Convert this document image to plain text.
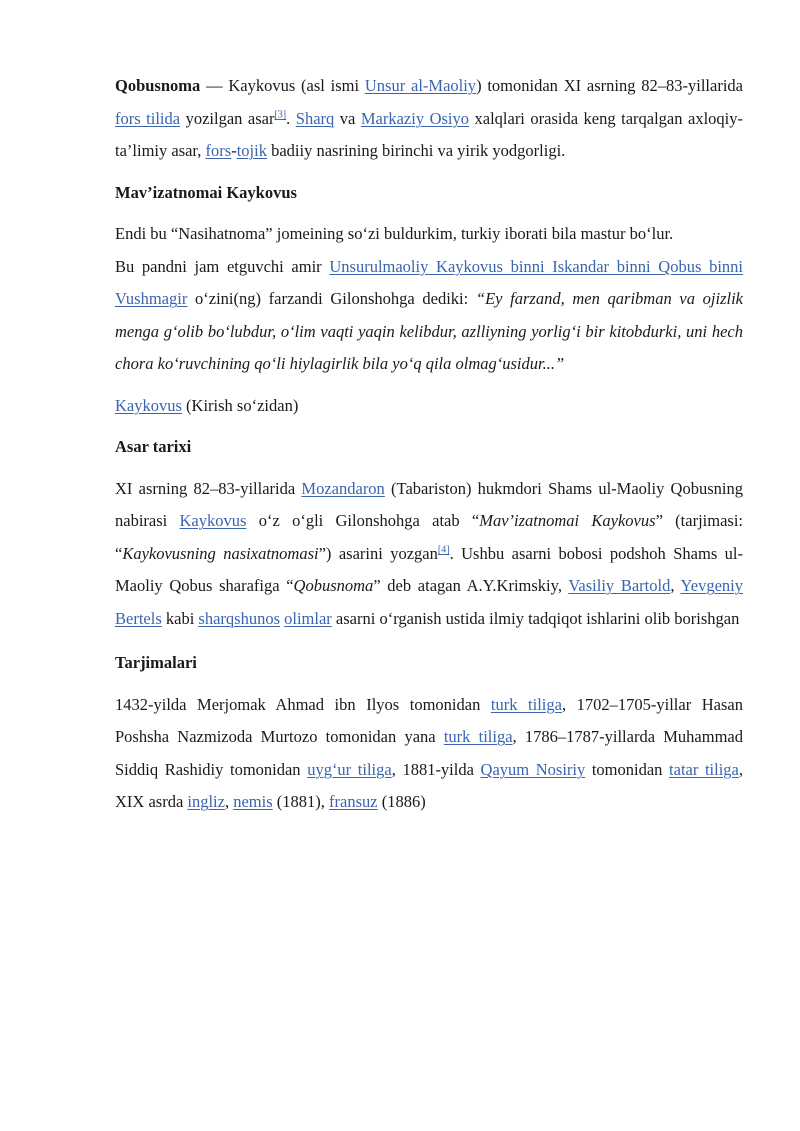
Qobusnoma — Kaykovus (asl ismi Unsur al-Maoliy) tomonidan XI asrning 82–83-yillarida fors tilida yozilgan asar[3]. Sharq va Markaziy Osiyo xalqlari orasida keng tarqalgan axloqiy-ta’limiy asar, fors-tojik badiiy nasrining birinchi va yirik yodgorligi.

Mav’izatnomai Kaykovus

Endi bu “Nasihatnoma” jomeining so‘zi buldurkim, turkiy iborati bila mastur bo‘lur.

Bu pandni jam etguvchi amir Unsurulmaoliy Kaykovus binni Iskandar binni Qobus binni Vushmagir o‘zini(ng) farzandi Gilonshohga dediki: “Ey farzand, men qaribman va ojizlik menga g‘olib bo‘lubdur, o‘lim vaqti yaqin kelibdur, azlliyning yorlig‘i bir kitobdurki, uni hech chora ko‘ruvchining qo‘li hiylagirlik bila yo‘q qila olmag‘usidur...”

Kaykovus (Kirish so‘zidan)

Asar tarixi

XI asrning 82–83-yillarida Mozandaron (Tabariston) hukmdori Shams ul-Maoliy Qobusning nabirasi Kaykovus o‘z o‘gli Gilonshohga atab “Mav’izatnomai Kaykovus” (tarjimasi: “Kaykovusning nasixatnomasi”) asarini yozgan[4]. Ushbu asarni bobosi podshoh Shams ul-Maoliy Qobus sharafiga “Qobusnoma” deb atagan A.Y.Krimskiy, Vasiliy Bartold, Yevgeniy Bertels kabi sharqshunos olimlar asarni o‘rganish ustida ilmiy tadqiqot ishlarini olib borishgan

Tarjimalari

1432-yilda Merjomak Ahmad ibn Ilyos tomonidan turk tiliga, 1702–1705-yillar Hasan Poshsha Nazmizoda Murtozo tomonidan yana turk tiliga, 1786–1787-yillarda Muhammad Siddiq Rashidiy tomonidan uyg‘ur tiliga, 1881-yilda Qayum Nosiriy tomonidan tatar tiliga, XIX asrda ingliz, nemis (1881), fransuz (1886)
